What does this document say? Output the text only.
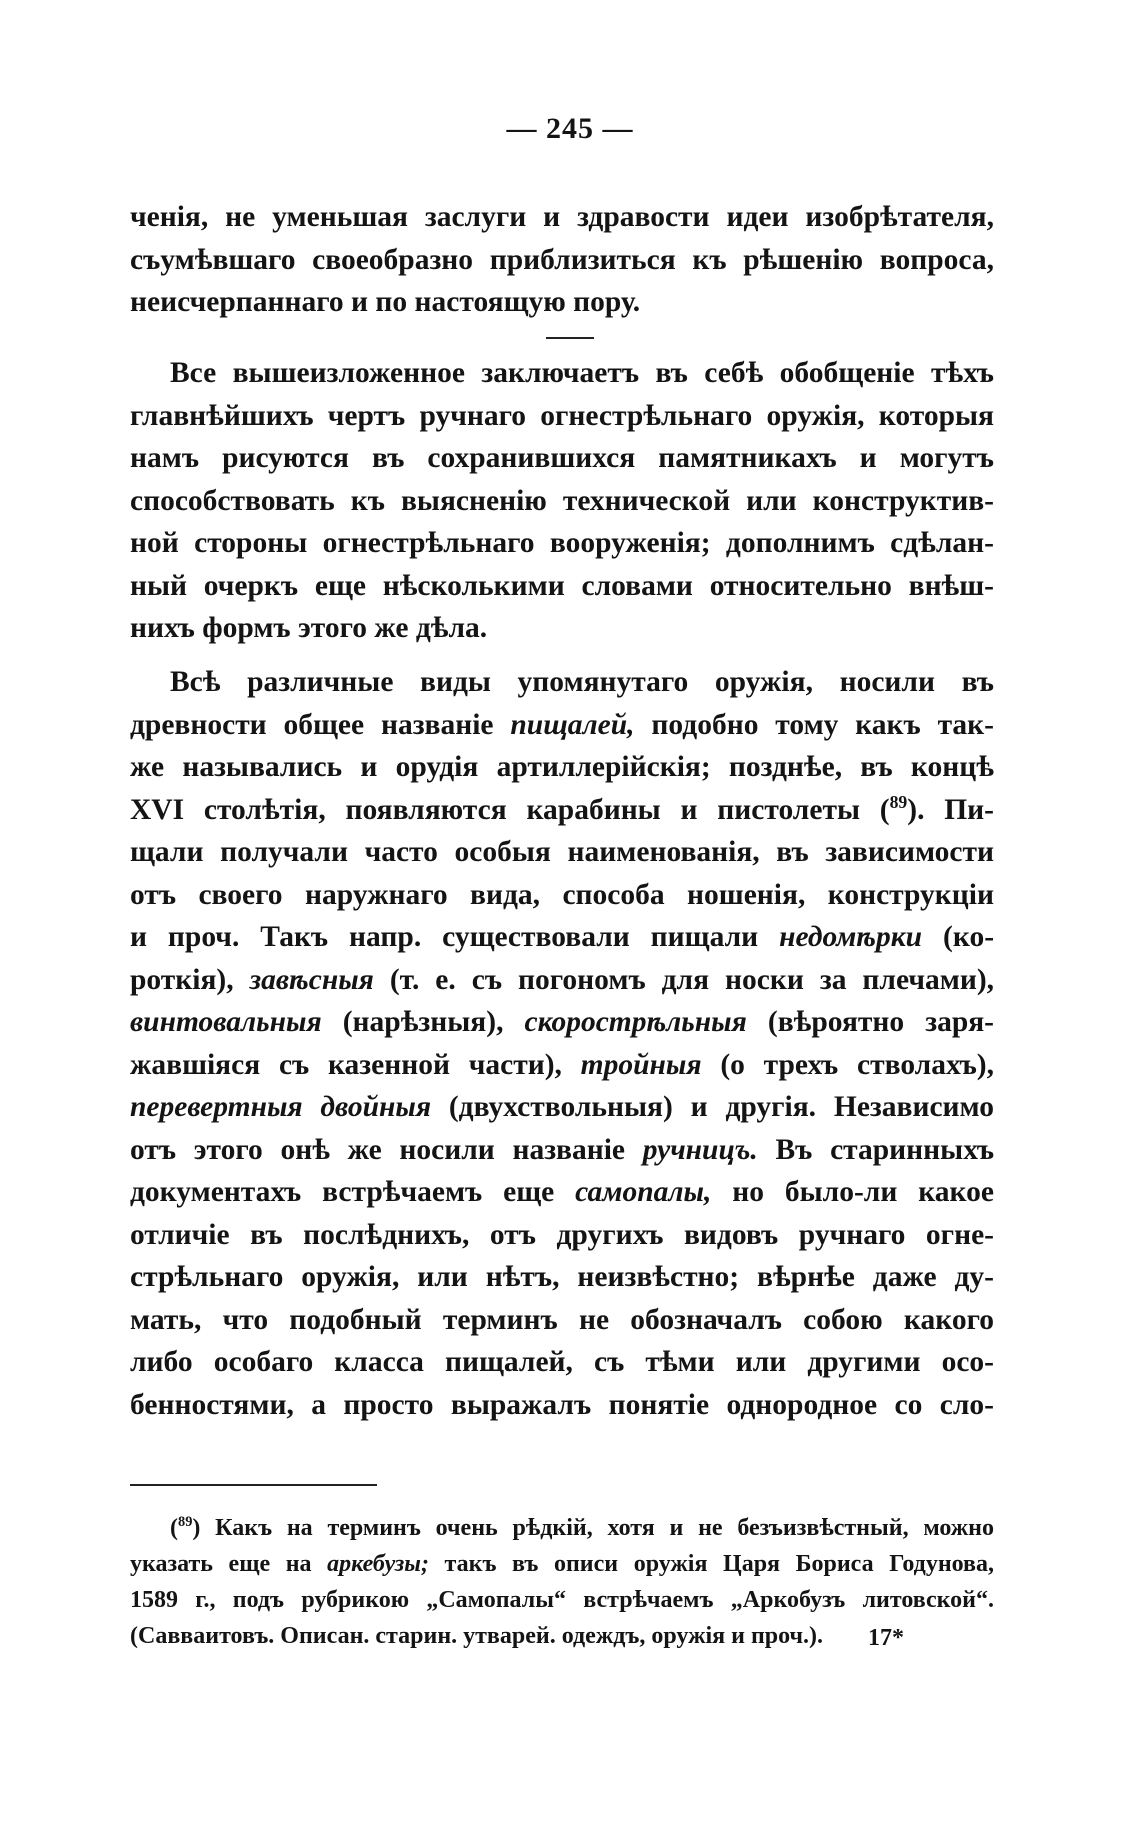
— 245 —
ченія, не уменьшая заслуги и здравости идеи изобрѣтателя,
съумѣвшаго своеобразно приблизиться къ рѣшенію вопроса,
неисчерпаннаго и по настоящую пору.
Все вышеизложенное заключаетъ въ себѣ обобщеніе тѣхъ
главнѣйшихъ чертъ ручнаго огнестрѣльнаго оружія, которыя
намъ рисуются въ сохранившихся памятникахъ и могутъ
способствовать къ выясненію технической или конструктив-
ной стороны огнестрѣльнаго вооруженія; дополнимъ сдѣлан-
ный очеркъ еще нѣсколькими словами относительно внѣш-
нихъ формъ этого же дѣла.
Всѣ различные виды упомянутаго оружія, носили въ
древности общее названіе пищалей, подобно тому какъ так-
же назывались и орудія артиллерійскія; позднѣе, въ концѣ
XVI столѣтія, появляются карабины и пистолеты ($^{89}$). Пи-
щали получали часто особыя наименованія, въ зависимости
отъ своего наружнаго вида, способа ношенія, конструкціи
и проч. Такъ напр. существовали пищали недомѣрки (ко-
роткія), завѣсныя (т. е. съ погономъ для носки за плечами),
винтовальныя (нарѣзныя), скорострѣльныя (вѣроятно заря-
жавшіяся съ казенной части), тройныя (о трехъ стволахъ),
перевертныя двойныя (двухствольныя) и другія. Независимо
отъ этого онѣ же носили названіе ручницъ. Въ старинныхъ
документахъ встрѣчаемъ еще самопалы, но было-ли какое
отличіе въ послѣднихъ, отъ другихъ видовъ ручнаго огне-
стрѣльнаго оружія, или нѣтъ, неизвѣстно; вѣрнѣе даже ду-
мать, что подобный терминъ не обозначалъ собою какого
либо особаго класса пищалей, съ тѣми или другими осо-
бенностями, а просто выражалъ понятіе однородное со сло-
($^{89}$) Какъ на терминъ очень рѣдкій, хотя и не безъизвѣстный, можно
указать еще на аркебузы; такъ въ описи оружія Царя Бориса Годунова,
1589 г., подъ рубрикою „Самопалы“ встрѣчаемъ „Аркобузъ литовской“.
(Савваитовъ. Описан. старин. утварей. одеждъ, оружія и проч.).	17*
